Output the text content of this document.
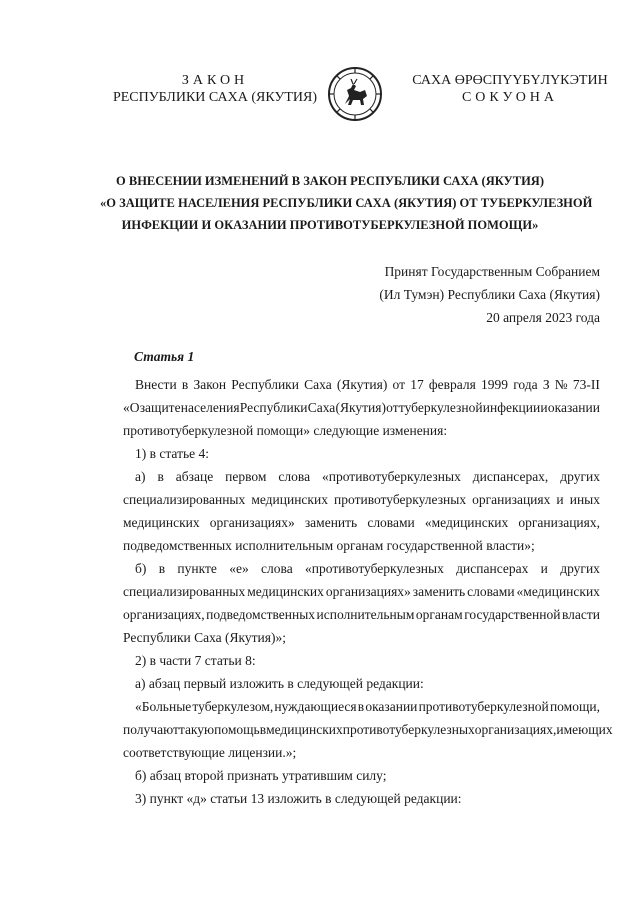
ЗАКОН
РЕСПУБЛИКИ САХА (ЯКУТИЯ)
САХА ӨРӨСПҮҮБҮЛҮКЭТИН
СОКУОНА
О ВНЕСЕНИИ ИЗМЕНЕНИЙ В ЗАКОН РЕСПУБЛИКИ САХА (ЯКУТИЯ)
«О ЗАЩИТЕ НАСЕЛЕНИЯ РЕСПУБЛИКИ САХА (ЯКУТИЯ) ОТ ТУБЕРКУЛЕЗНОЙ
ИНФЕКЦИИ И ОКАЗАНИИ ПРОТИВОТУБЕРКУЛЕЗНОЙ ПОМОЩИ»
Принят Государственным Собранием
(Ил Тумэн) Республики Саха (Якутия)
20 апреля 2023 года
Статья 1
Внести в Закон Республики Саха (Якутия) от 17 февраля 1999 года З № 73-II
«О защите населения Республики Саха (Якутия) от туберкулезной инфекции и оказании
противотуберкулезной помощи» следующие изменения:
1) в статье 4:
а) в абзаце первом слова «противотуберкулезных диспансерах, других
специализированных медицинских противотуберкулезных организациях и иных
медицинских организациях» заменить словами «медицинских организациях,
подведомственных исполнительным органам государственной власти»;
б) в пункте «е» слова «противотуберкулезных диспансерах и других
специализированных медицинских организациях» заменить словами «медицинских
организациях, подведомственных исполнительным органам государственной власти
Республики Саха (Якутия)»;
2) в части 7 статьи 8:
а) абзац первый изложить в следующей редакции:
«Больные туберкулезом, нуждающиеся в оказании противотуберкулезной помощи,
получают такую помощь в медицинских противотуберкулезных организациях, имеющих
соответствующие лицензии.»;
б) абзац второй признать утратившим силу;
3) пункт «д» статьи 13 изложить в следующей редакции:
